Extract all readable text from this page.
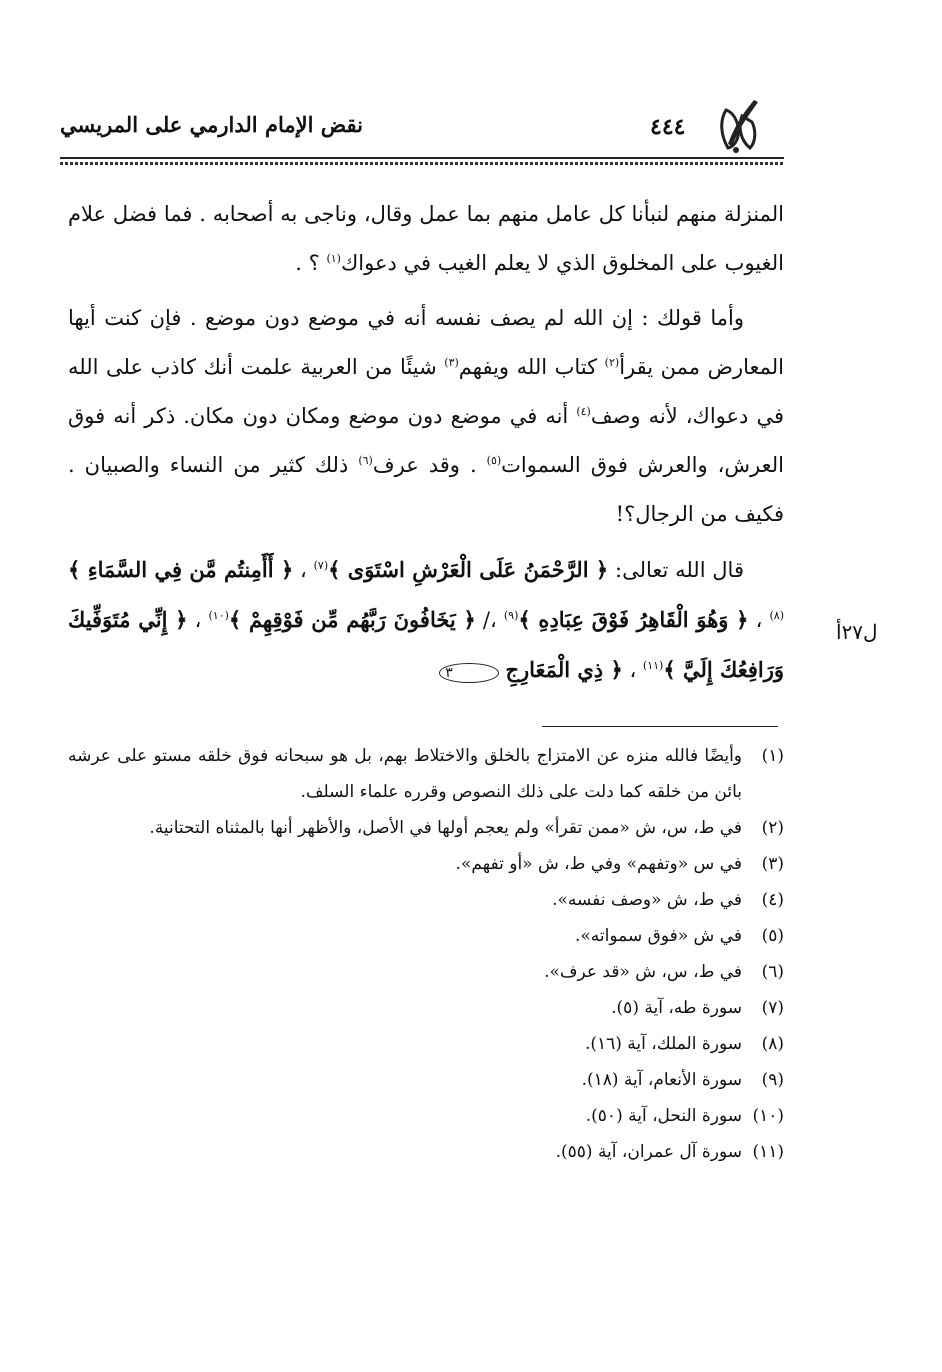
نقض الإمام الدارمي على المريسي	٤٤٤

المنزلة منهم لنبأنا كل عامل منهم بما عمل وقال، وناجى به أصحابه . فما فضل علام الغيوب على المخلوق الذي لا يعلم الغيب في دعواك$^{(١)}$ ؟ .

وأما قولك : إن الله لم يصف نفسه أنه في موضع دون موضع . فإن كنت أيها المعارض ممن يقرأ$^{(٢)}$ كتاب الله ويفهم$^{(٣)}$ شيئًا من العربية علمت أنك كاذب على الله في دعواك، لأنه وصف$^{(٤)}$ أنه في موضع دون موضع ومكان دون مكان. ذكر أنه فوق العرش، والعرش فوق السموات$^{(٥)}$ . وقد عرف$^{(٦)}$ ذلك كثير من النساء والصبيان . فكيف من الرجال؟!

قال الله تعالى: ﴿ الرَّحْمَنُ عَلَى الْعَرْشِ اسْتَوَى ﴾$^{(٧)}$ ، ﴿ أَأَمِنتُم مَّن فِي السَّمَاءِ ﴾$^{(٨)}$ ، ﴿ وَهُوَ الْقَاهِرُ فَوْقَ عِبَادِهِ ﴾$^{(٩)}$ ،/ ﴿ يَخَافُونَ رَبَّهُم مِّن فَوْقِهِمْ ﴾$^{(١٠)}$ ، ﴿ إِنِّي مُتَوَفِّيكَ وَرَافِعُكَ إِلَيَّ ﴾$^{(١١)}$ ، ﴿ ذِي الْمَعَارِجِ ٣

ل٢٧أ
(١)
وأيضًا فالله منزه عن الامتزاج بالخلق والاختلاط بهم، بل هو سبحانه فوق خلقه مستو على عرشه بائن من خلقه كما دلت على ذلك النصوص وقرره علماء السلف.
(٢)
في ط، س، ش «ممن تقرأ» ولم يعجم أولها في الأصل، والأظهر أنها بالمثناه التحتانية.
(٣)
في س «وتفهم» وفي ط، ش «أو تفهم».
(٤)
في ط، ش «وصف نفسه».
(٥)
في ش «فوق سمواته».
(٦)
في ط، س، ش «قد عرف».
(٧)
سورة طه، آية (٥).
(٨)
سورة الملك، آية (١٦).
(٩)
سورة الأنعام، آية (١٨).
(١٠)
سورة النحل، آية (٥٠).
(١١)
سورة آل عمران، آية (٥٥).
